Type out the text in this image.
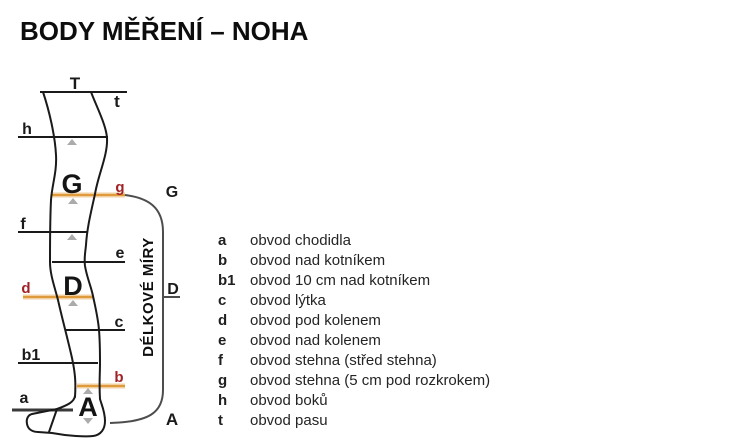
BODY MĚŘENÍ – NOHA
T
t
h
G g
f
e
d D
c
b1
b
a A
G
D
A
DÉLKOVÉ MÍRY	a	obvod chodidla
b	obvod nad kotníkem
b1 obvod 10 cm nad kotníkem
c	obvod lýtka
d	obvod pod kolenem
e	obvod nad kolenem
f	obvod stehna (střed stehna)
g	obvod stehna (5 cm pod rozkrokem)
h	obvod boků
t	obvod pasu
